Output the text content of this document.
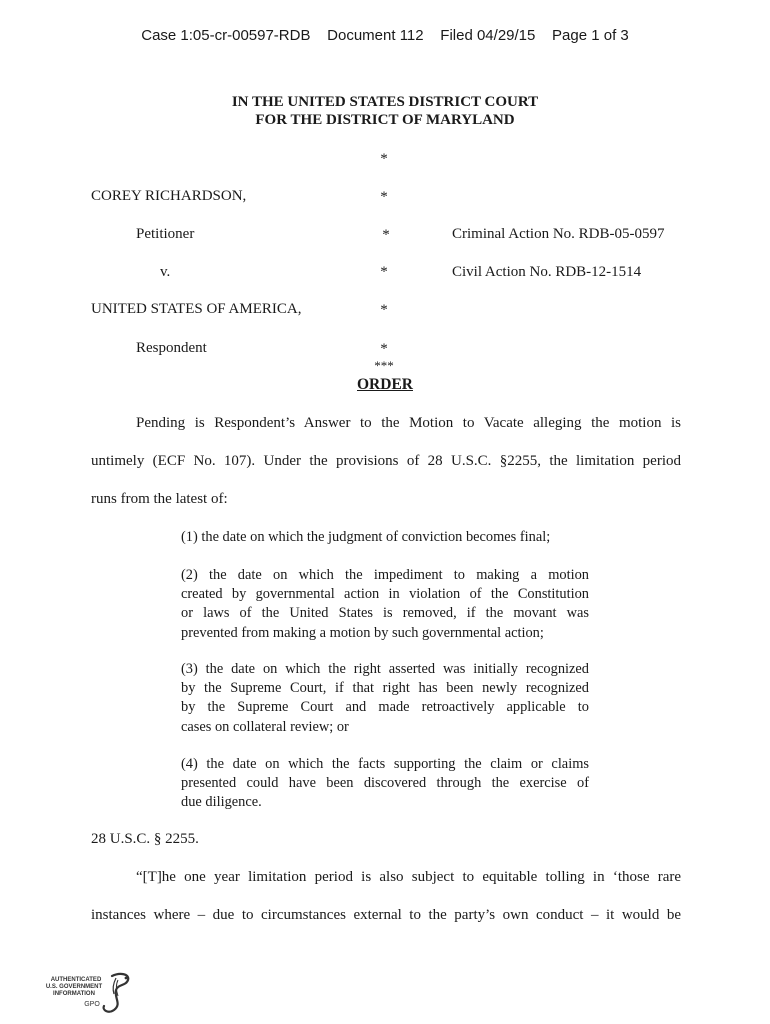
Case 1:05-cr-00597-RDB Document 112 Filed 04/29/15 Page 1 of 3
IN THE UNITED STATES DISTRICT COURT
FOR THE DISTRICT OF MARYLAND
*
*
*
*
*
*
***
COREY RICHARDSON,
Petitioner
v.
UNITED STATES OF AMERICA,
Respondent
Criminal Action No. RDB-05-0597
Civil Action No. RDB-12-1514
ORDER
Pending is Respondent’s Answer to the Motion to Vacate alleging the motion is
untimely (ECF No. 107). Under the provisions of 28 U.S.C. §2255, the limitation period
runs from the latest of:
(1) the date on which the judgment of conviction becomes final;
(2) the date on which the impediment to making a motion
created by governmental action in violation of the Constitution
or laws of the United States is removed, if the movant was
prevented from making a motion by such governmental action;
(3) the date on which the right asserted was initially recognized
by the Supreme Court, if that right has been newly recognized
by the Supreme Court and made retroactively applicable to
cases on collateral review; or
(4) the date on which the facts supporting the claim or claims
presented could have been discovered through the exercise of
due diligence.
28 U.S.C. § 2255.
“[T]he one year limitation period is also subject to equitable tolling in ‘those rare
instances where – due to circumstances external to the party’s own conduct – it would be
AUTHENTICATED
U.S. GOVERNMENT
INFORMATION
GPO
